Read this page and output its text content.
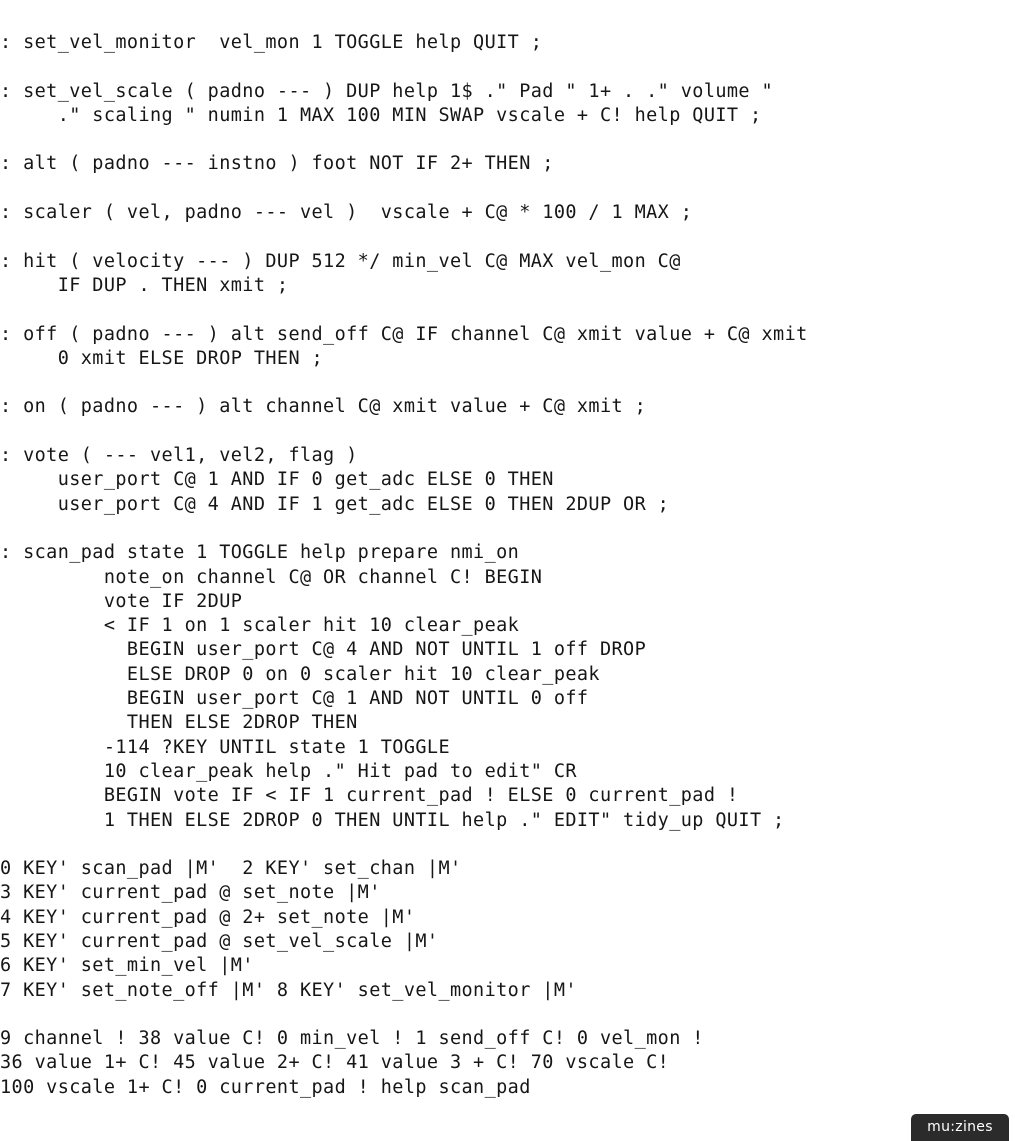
: set_vel_monitor  vel_mon 1 TOGGLE help QUIT ;
: set_vel_scale ( padno --- ) DUP help 1$ ." Pad " 1+ . ." volume "
." scaling " numin 1 MAX 100 MIN SWAP vscale + C! help QUIT ;
: alt ( padno --- instno ) foot NOT IF 2+ THEN ;
: scaler ( vel, padno --- vel )  vscale + C@ * 100 / 1 MAX ;
: hit ( velocity --- ) DUP 512 */ min_vel C@ MAX vel_mon C@
IF DUP . THEN xmit ;
: off ( padno --- ) alt send_off C@ IF channel C@ xmit value + C@ xmit
0 xmit ELSE DROP THEN ;
: on ( padno --- ) alt channel C@ xmit value + C@ xmit ;
: vote ( --- vel1, vel2, flag )
user_port C@ 1 AND IF 0 get_adc ELSE 0 THEN
user_port C@ 4 AND IF 1 get_adc ELSE 0 THEN 2DUP OR ;
: scan_pad state 1 TOGGLE help prepare nmi_on
note_on channel C@ OR channel C! BEGIN
vote IF 2DUP
< IF 1 on 1 scaler hit 10 clear_peak
BEGIN user_port C@ 4 AND NOT UNTIL 1 off DROP
ELSE DROP 0 on 0 scaler hit 10 clear_peak
BEGIN user_port C@ 1 AND NOT UNTIL 0 off
THEN ELSE 2DROP THEN
-114 ?KEY UNTIL state 1 TOGGLE
10 clear_peak help ." Hit pad to edit" CR
BEGIN vote IF < IF 1 current_pad ! ELSE 0 current_pad !
1 THEN ELSE 2DROP 0 THEN UNTIL help ." EDIT" tidy_up QUIT ;
0 KEY' scan_pad |M'  2 KEY' set_chan |M'
3 KEY' current_pad @ set_note |M'
4 KEY' current_pad @ 2+ set_note |M'
5 KEY' current_pad @ set_vel_scale |M'
6 KEY' set_min_vel |M'
7 KEY' set_note_off |M' 8 KEY' set_vel_monitor |M'
9 channel ! 38 value C! 0 min_vel ! 1 send_off C! 0 vel_mon !
36 value 1+ C! 45 value 2+ C! 41 value 3 + C! 70 vscale C!
100 vscale 1+ C! 0 current_pad ! help scan_pad
mu:zines
